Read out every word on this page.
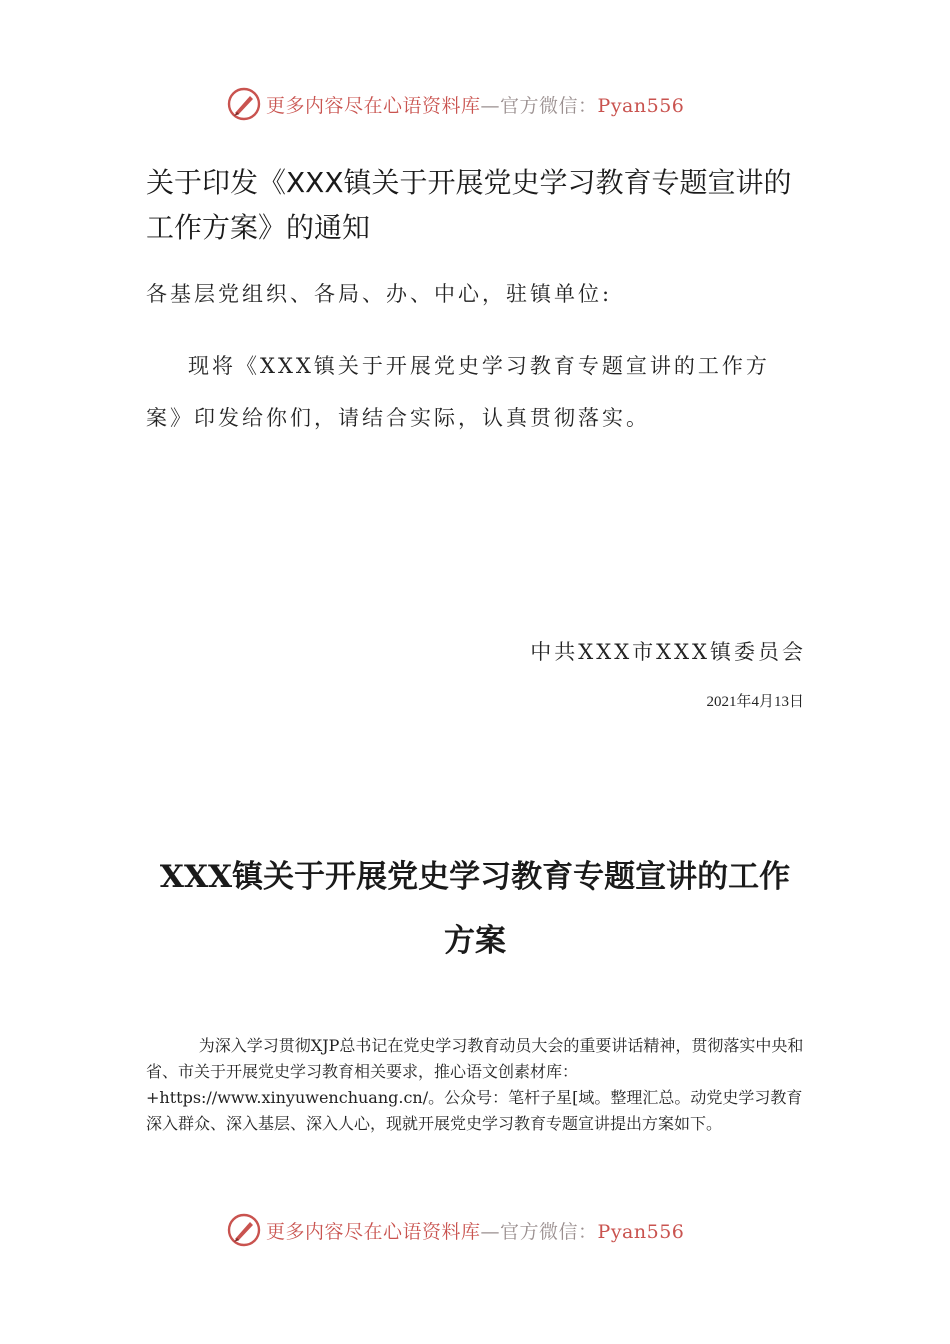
更多内容尽在心语资料库—官方微信：Pyan556
关于印发《XXX镇关于开展党史学习教育专题宣讲的工作方案》的通知
各基层党组织、各局、办、中心，驻镇单位:

现将《XXX镇关于开展党史学习教育专题宣讲的工作方案》印发给你们，请结合实际，认真贯彻落实。

中共XXX市XXX镇委员会
2021年4月13日
XXX镇关于开展党史学习教育专题宣讲的工作方案

为深入学习贯彻XJP总书记在党史学习教育动员大会的重要讲话精神，贯彻落实中央和省、市关于开展党史学习教育相关要求，推心语文创素材库：+https://www.xinyuwenchuang.cn/。公众号：笔杆子星[域。整理汇总。动党史学习教育深入群众、深入基层、深入人心，现就开展党史学习教育专题宣讲提出方案如下。

更多内容尽在心语资料库—官方微信：Pyan556
